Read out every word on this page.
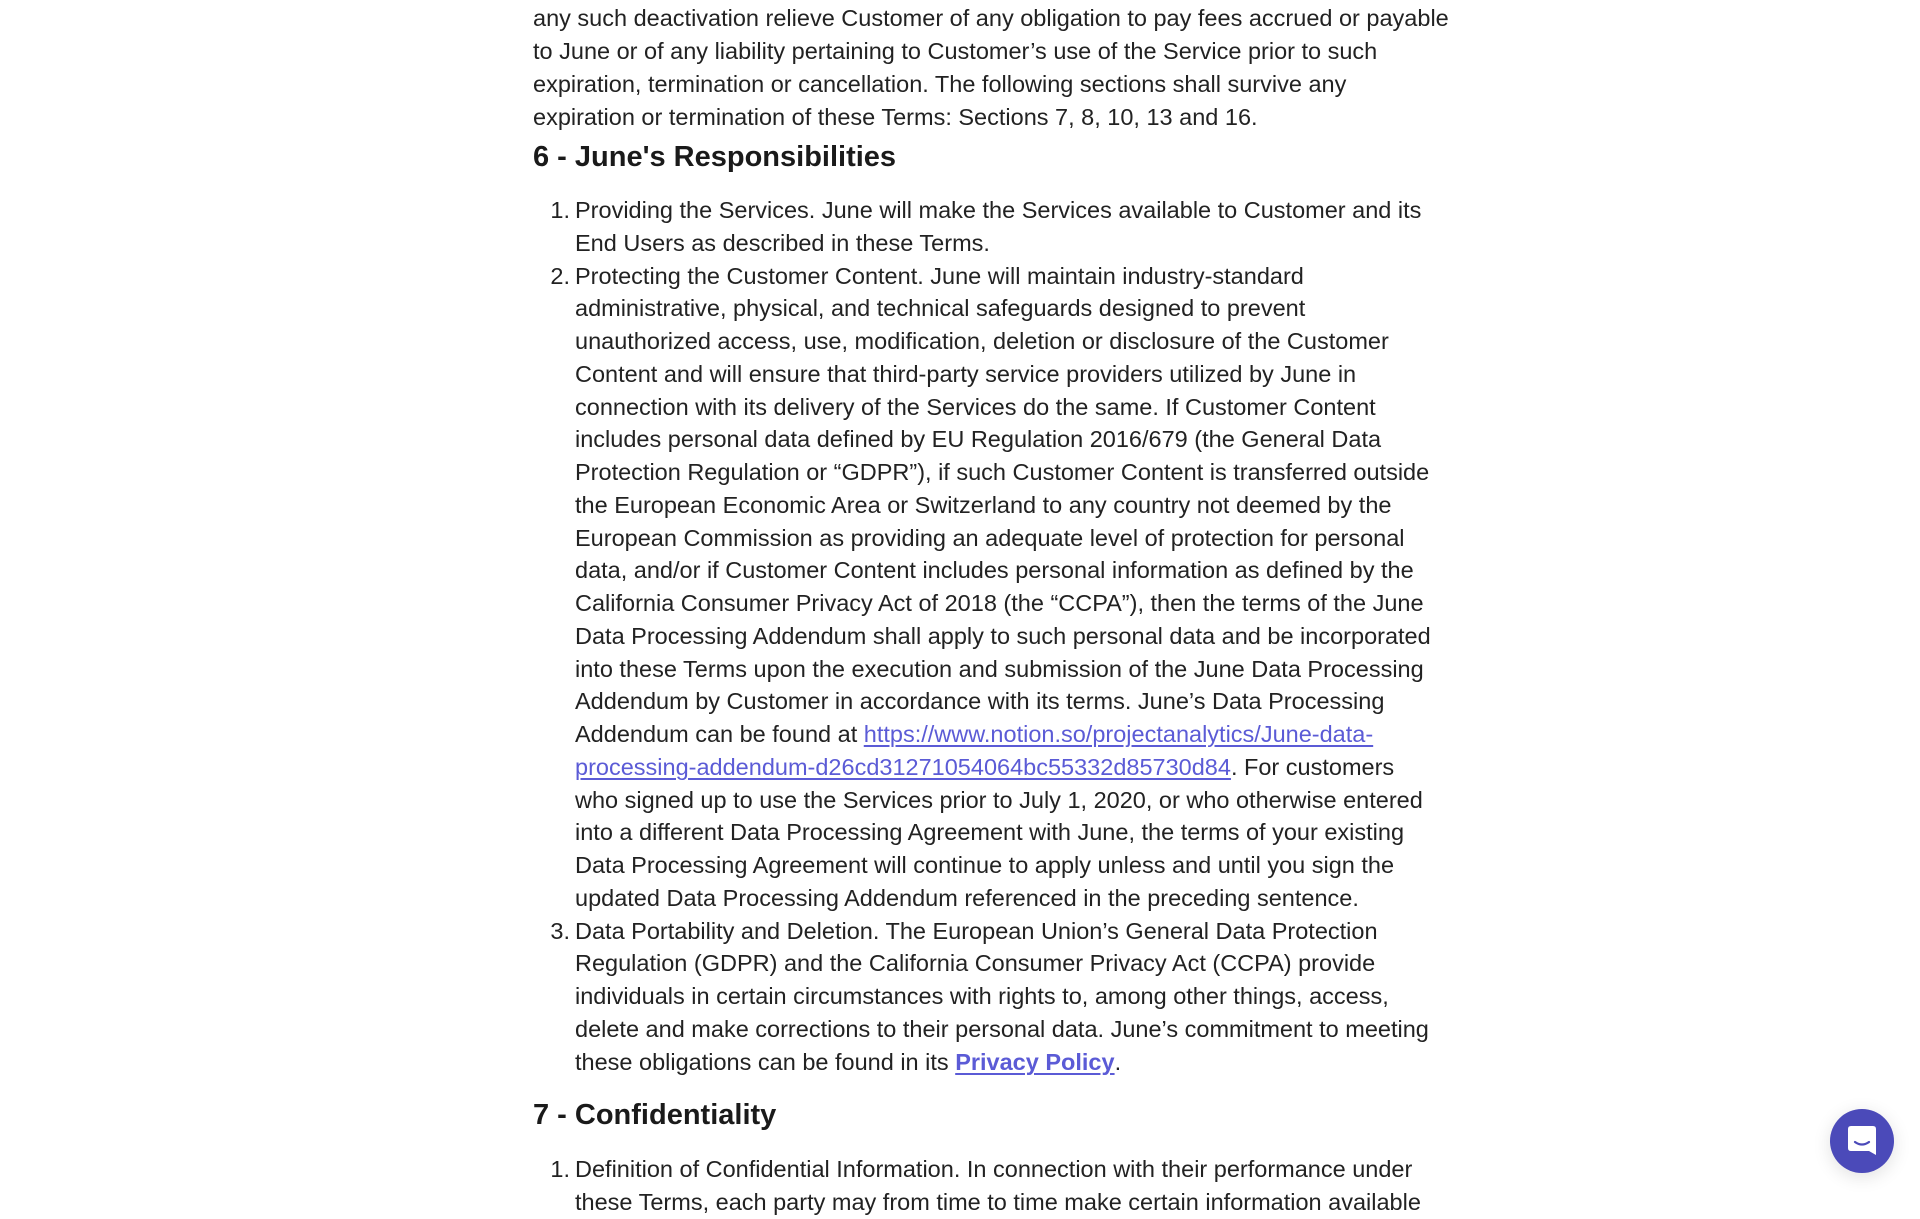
any such deactivation relieve Customer of any obligation to pay fees accrued or payable
to June or of any liability pertaining to Customer’s use of the Service prior to such
expiration, termination or cancellation. The following sections shall survive any
expiration or termination of these Terms: Sections 7, 8, 10, 13 and 16.
6 - June's Responsibilities
1. Providing the Services. June will make the Services available to Customer and its
End Users as described in these Terms.
2. Protecting the Customer Content. June will maintain industry-standard
administrative, physical, and technical safeguards designed to prevent
unauthorized access, use, modification, deletion or disclosure of the Customer
Content and will ensure that third-party service providers utilized by June in
connection with its delivery of the Services do the same. If Customer Content
includes personal data defined by EU Regulation 2016/679 (the General Data
Protection Regulation or “GDPR”), if such Customer Content is transferred outside
the European Economic Area or Switzerland to any country not deemed by the
European Commission as providing an adequate level of protection for personal
data, and/or if Customer Content includes personal information as defined by the
California Consumer Privacy Act of 2018 (the “CCPA”), then the terms of the June
Data Processing Addendum shall apply to such personal data and be incorporated
into these Terms upon the execution and submission of the June Data Processing
Addendum by Customer in accordance with its terms. June’s Data Processing
Addendum can be found at https://www.notion.so/projectanalytics/June-data-
processing-addendum-d26cd31271054064bc55332d85730d84. For customers
who signed up to use the Services prior to July 1, 2020, or who otherwise entered
into a different Data Processing Agreement with June, the terms of your existing
Data Processing Agreement will continue to apply unless and until you sign the
updated Data Processing Addendum referenced in the preceding sentence.
3. Data Portability and Deletion. The European Union’s General Data Protection
Regulation (GDPR) and the California Consumer Privacy Act (CCPA) provide
individuals in certain circumstances with rights to, among other things, access,
delete and make corrections to their personal data. June’s commitment to meeting
these obligations can be found in its Privacy Policy.
7 - Confidentiality
1. Definition of Confidential Information. In connection with their performance under
these Terms, each party may from time to time make certain information available
